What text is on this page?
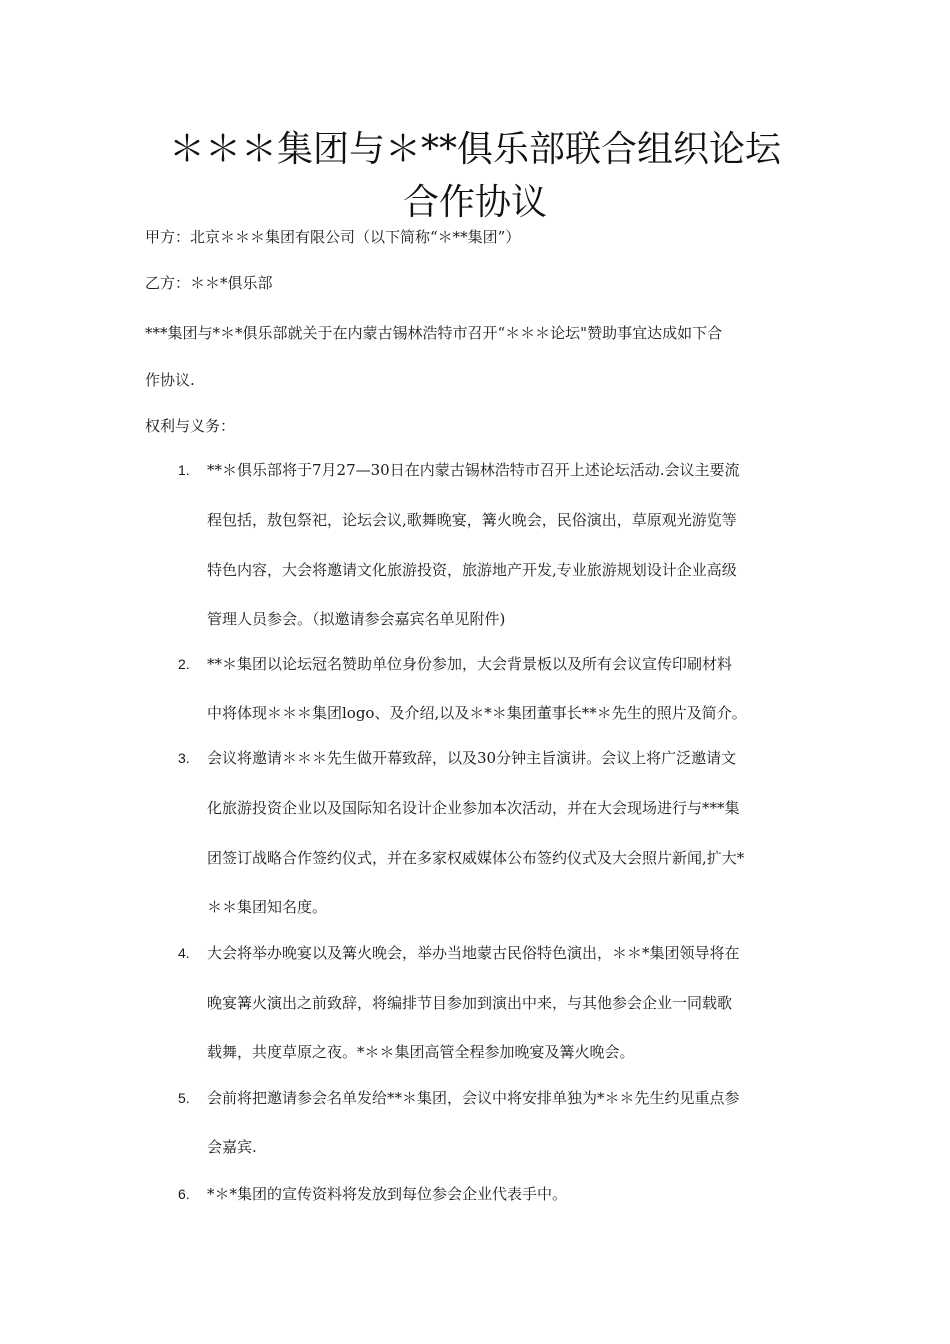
＊＊＊集团与＊**俱乐部联合组织论坛
合作协议

甲方：北京＊＊＊集团有限公司（以下简称“＊**集团”）

乙方：＊＊*俱乐部

***集团与*＊*俱乐部就关于在内蒙古锡林浩特市召开“＊＊＊论坛"赞助事宜达成如下合

作协议.

权利与义务：

1. **＊俱乐部将于7月27—30日在内蒙古锡林浩特市召开上述论坛活动.会议主要流

程包括，敖包祭祀，论坛会议,歌舞晚宴，篝火晚会，民俗演出，草原观光游览等

特色内容，大会将邀请文化旅游投资，旅游地产开发,专业旅游规划设计企业高级

管理人员参会。（拟邀请参会嘉宾名单见附件)

2. **＊集团以论坛冠名赞助单位身份参加，大会背景板以及所有会议宣传印刷材料

中将体现＊＊＊集团logo、及介绍,以及＊*＊集团董事长**＊先生的照片及简介。

3. 会议将邀请＊＊＊先生做开幕致辞，以及30分钟主旨演讲。会议上将广泛邀请文

化旅游投资企业以及国际知名设计企业参加本次活动，并在大会现场进行与***集

团签订战略合作签约仪式，并在多家权威媒体公布签约仪式及大会照片新闻,扩大*

＊＊集团知名度。

4. 大会将举办晚宴以及篝火晚会，举办当地蒙古民俗特色演出，＊＊*集团领导将在

晚宴篝火演出之前致辞，将编排节目参加到演出中来，与其他参会企业一同载歌

载舞，共度草原之夜。*＊＊集团高管全程参加晚宴及篝火晚会。

5. 会前将把邀请参会名单发给**＊集团，会议中将安排单独为*＊＊先生约见重点参

会嘉宾.

6. *＊*集团的宣传资料将发放到每位参会企业代表手中。
